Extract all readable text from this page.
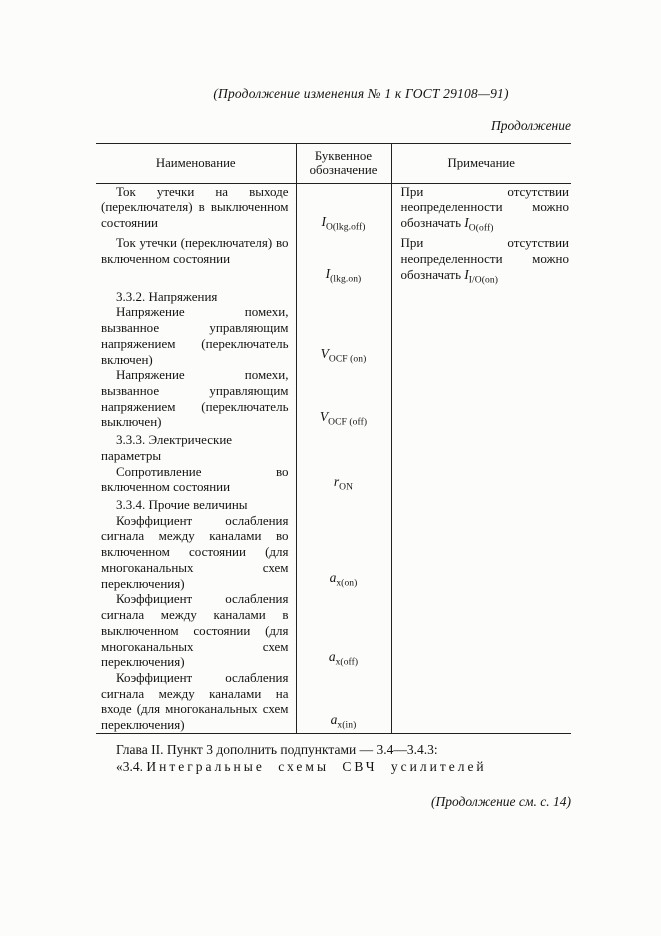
(Продолжение изменения № 1 к ГОСТ 29108—91)
Продолжение
Наименование	Буквенное обозначение	Примечание
Ток утечки на выходе (переключателя) в выключенном состоянии	$I_{O(lkg.off)}$	При отсутствии неопределенности можно обозначать $I_{O(off)}$
Ток утечки (переключателя) во включенном состоянии	$I_{(lkg.on)}$	При отсутствии неопределенности можно обозначать $I_{I/O(on)}$
3.3.2. Напряжения		
Напряжение помехи, вызванное управляющим напряжением (переключатель включен)	$V_{OCF (on)}$	
Напряжение помехи, вызванное управляющим напряжением (переключатель выключен)	$V_{OCF (off)}$	
3.3.3. Электрические параметры		
Сопротивление во включенном состоянии	$r_{ON}$	
3.3.4. Прочие величины		
Коэффициент ослабления сигнала между каналами во включенном состоянии (для многоканальных схем переключения)	$a_{x(on)}$	
Коэффициент ослабления сигнала между каналами в выключенном состоянии (для многоканальных схем переключения)	$a_{x(off)}$	
Коэффициент ослабления сигнала между каналами на входе (для многоканальных схем переключения)	$a_{x(in)}$	

Глава II. Пункт 3 дополнить подпунктами — 3.4—3.4.3:

«3.4. Интегральные схемы СВЧ усилителей

(Продолжение см. с. 14)
